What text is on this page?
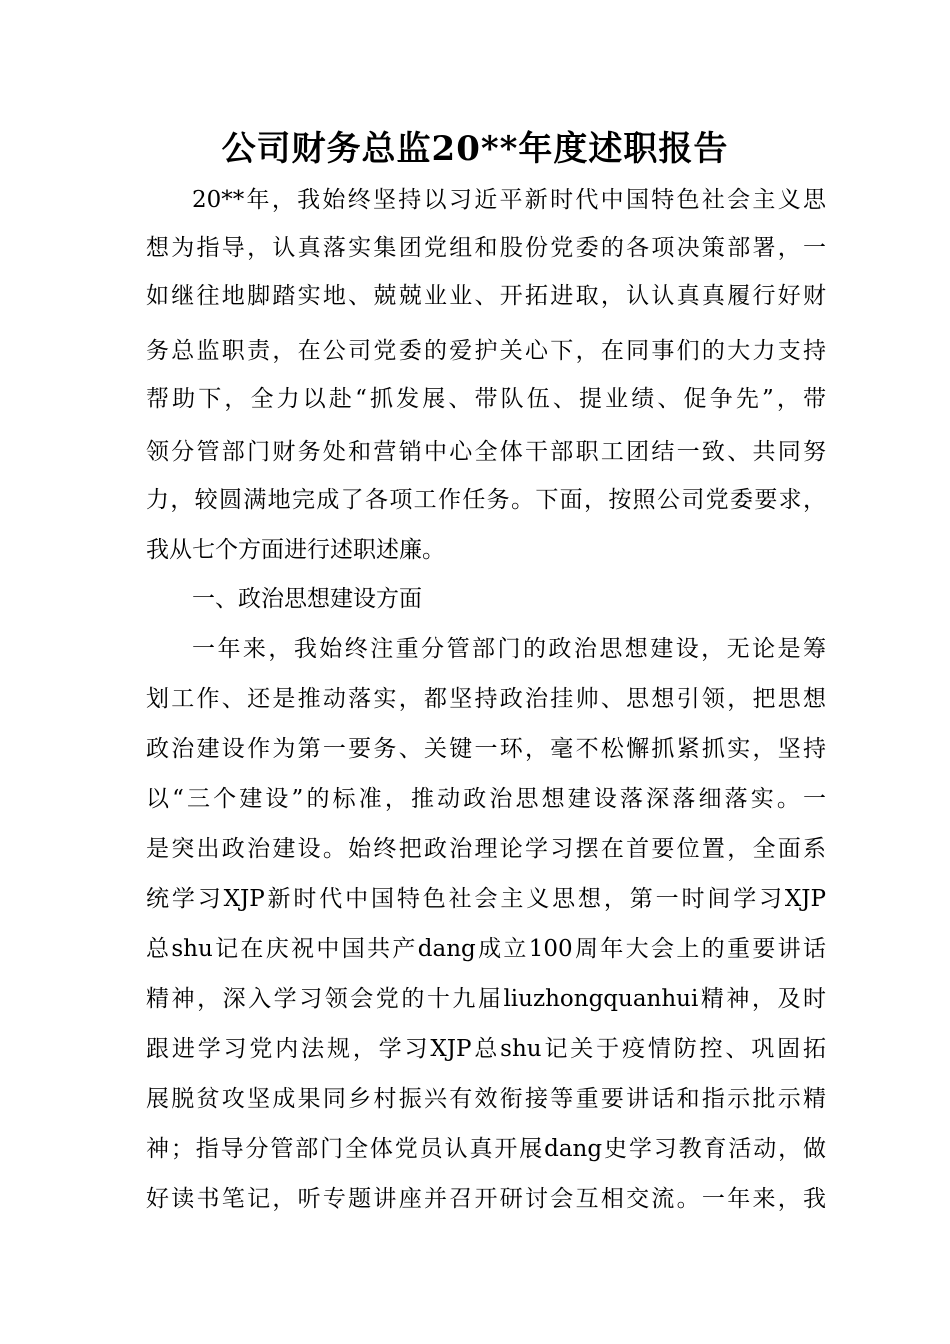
公司财务总监20**年度述职报告
20**年，我始终坚持以习近平新时代中国特色社会主义思
想为指导，认真落实集团党组和股份党委的各项决策部署，一
如继往地脚踏实地、兢兢业业、开拓进取，认认真真履行好财
务总监职责，在公司党委的爱护关心下，在同事们的大力支持
帮助下，全力以赴“抓发展、带队伍、提业绩、促争先”，带
领分管部门财务处和营销中心全体干部职工团结一致、共同努
力，较圆满地完成了各项工作任务。下面，按照公司党委要求，
我从七个方面进行述职述廉。
一、政治思想建设方面
一年来，我始终注重分管部门的政治思想建设，无论是筹
划工作、还是推动落实，都坚持政治挂帅、思想引领，把思想
政治建设作为第一要务、关键一环，毫不松懈抓紧抓实，坚持
以“三个建设”的标准，推动政治思想建设落深落细落实。一
是突出政治建设。始终把政治理论学习摆在首要位置，全面系
统学习XJP新时代中国特色社会主义思想，第一时间学习XJP
总shu记在庆祝中国共产dang成立100周年大会上的重要讲话
精神，深入学习领会党的十九届liuzhongquanhui精神，及时
跟进学习党内法规，学习XJP总shu记关于疫情防控、巩固拓
展脱贫攻坚成果同乡村振兴有效衔接等重要讲话和指示批示精
神；指导分管部门全体党员认真开展dang史学习教育活动，做
好读书笔记，听专题讲座并召开研讨会互相交流。一年来，我
